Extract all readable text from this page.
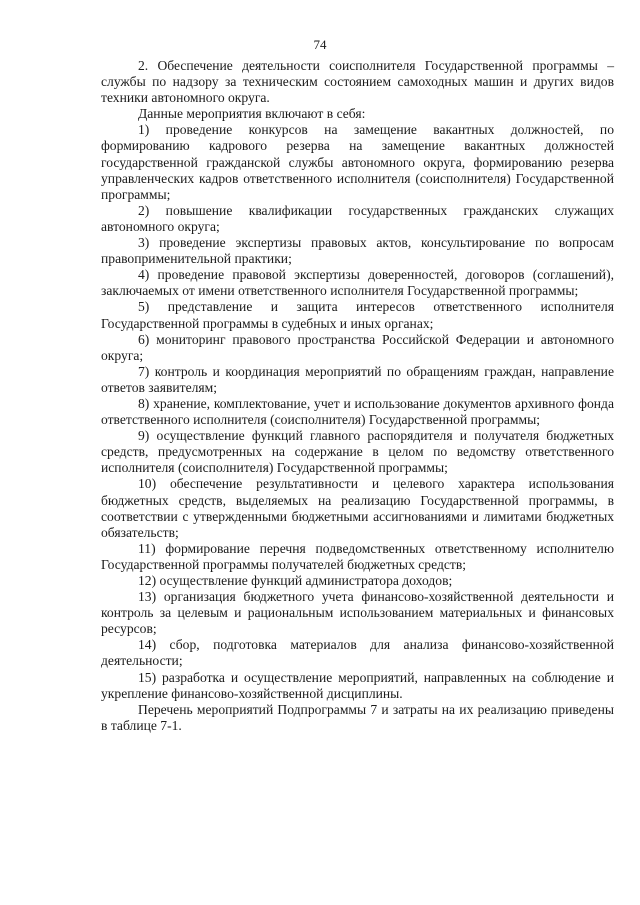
74

2. Обеспечение деятельности соисполнителя Государственной программы – службы по надзору за техническим состоянием самоходных машин и других видов техники автономного округа.

Данные мероприятия включают в себя:

1) проведение конкурсов на замещение вакантных должностей, по формированию кадрового резерва на замещение вакантных должностей государственной гражданской службы автономного округа, формированию резерва управленческих кадров ответственного исполнителя (соисполнителя) Государственной программы;

2) повышение квалификации государственных гражданских служащих автономного округа;

3) проведение экспертизы правовых актов, консультирование по вопросам правоприменительной практики;

4) проведение правовой экспертизы доверенностей, договоров (соглашений), заключаемых от имени ответственного исполнителя Государственной программы;

5) представление и защита интересов ответственного исполнителя Государственной программы в судебных и иных органах;

6) мониторинг правового пространства Российской Федерации и автономного округа;

7) контроль и координация мероприятий по обращениям граждан, направление ответов заявителям;

8) хранение, комплектование, учет и использование документов архивного фонда ответственного исполнителя (соисполнителя) Государственной программы;

9) осуществление функций главного распорядителя и получателя бюджетных средств, предусмотренных на содержание в целом по ведомству ответственного исполнителя (соисполнителя) Государственной программы;

10) обеспечение результативности и целевого характера использования бюджетных средств, выделяемых на реализацию Государственной программы, в соответствии с утвержденными бюджетными ассигнованиями и лимитами бюджетных обязательств;

11) формирование перечня подведомственных ответственному исполнителю Государственной программы получателей бюджетных средств;

12) осуществление функций администратора доходов;

13) организация бюджетного учета финансово-хозяйственной деятельности и контроль за целевым и рациональным использованием материальных и финансовых ресурсов;

14) сбор, подготовка материалов для анализа финансово-хозяйственной деятельности;

15) разработка и осуществление мероприятий, направленных на соблюдение и укрепление финансово-хозяйственной дисциплины.

Перечень мероприятий Подпрограммы 7 и затраты на их реализацию приведены в таблице 7-1.
